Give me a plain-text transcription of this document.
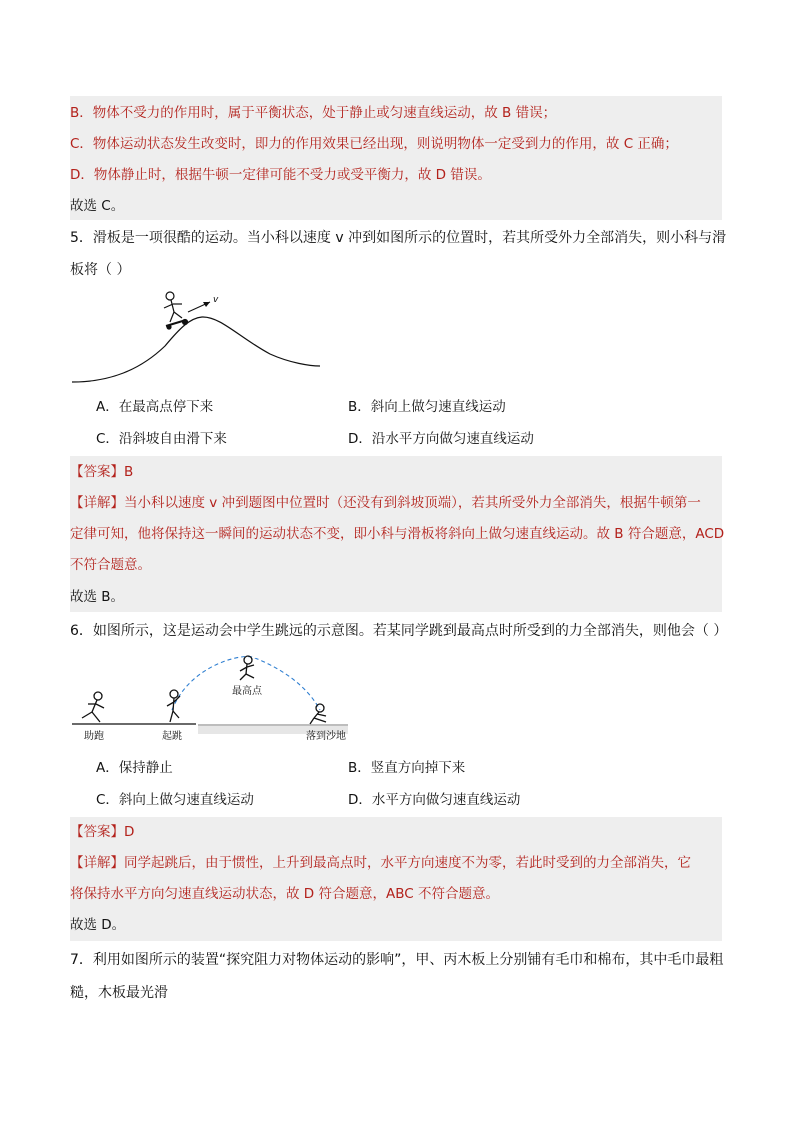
B．物体不受力的作用时，属于平衡状态，处于静止或匀速直线运动，故 B 错误；
C．物体运动状态发生改变时，即力的作用效果已经出现，则说明物体一定受到力的作用，故 C 正确；
D．物体静止时，根据牛顿一定律可能不受力或受平衡力，故 D 错误。
故选 C。
5．滑板是一项很酷的运动。当小科以速度 v 冲到如图所示的位置时，若其所受外力全部消失，则小科与滑
板将（ ）
v
A．在最高点停下来	B．斜向上做匀速直线运动
C．沿斜坡自由滑下来	D．沿水平方向做匀速直线运动
【答案】B
【详解】当小科以速度 v 冲到题图中位置时（还没有到斜坡顶端），若其所受外力全部消失，根据牛顿第一
定律可知，他将保持这一瞬间的运动状态不变，即小科与滑板将斜向上做匀速直线运动。故 B 符合题意，ACD
不符合题意。
故选 B。
6．如图所示，这是运动会中学生跳远的示意图。若某同学跳到最高点时所受到的力全部消失，则他会（ ）
助跑	起跳
最高点
落到沙地
A．保持静止	B．竖直方向掉下来
C．斜向上做匀速直线运动	D．水平方向做匀速直线运动
【答案】D
【详解】同学起跳后，由于惯性，上升到最高点时，水平方向速度不为零，若此时受到的力全部消失，它
将保持水平方向匀速直线运动状态，故 D 符合题意，ABC 不符合题意。
故选 D。
7．利用如图所示的装置“探究阻力对物体运动的影响”，甲、丙木板上分别铺有毛巾和棉布，其中毛巾最粗
糙，木板最光滑
